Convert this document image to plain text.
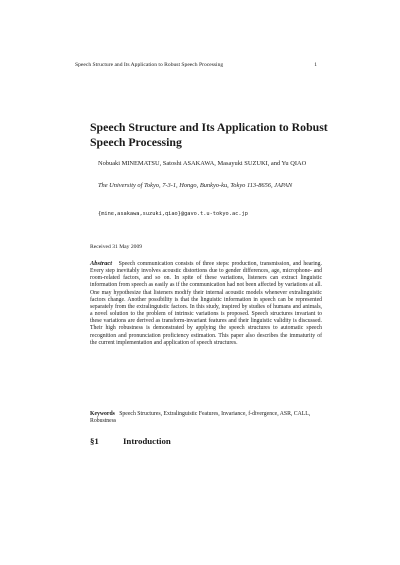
Speech Structure and Its Application to Robust Speech Processing	1
Speech Structure and Its Application to Robust Speech Processing

Nobuaki MINEMATSU, Satoshi ASAKAWA, Masayuki SUZUKI, and Yu QIAO

The University of Tokyo, 7-3-1, Hongo, Bunkyo-ku, Tokyo 113-8656, JAPAN

{mine,asakawa,suzuki,qiao}@gavo.t.u-tokyo.ac.jp

Received 31 May 2009

Abstract Speech communication consists of three steps: production, transmission, and hearing. Every step inevitably involves acoustic distortions due to gender differences, age, microphone- and room-related factors, and so on. In spite of these variations, listeners can extract linguistic information from speech as easily as if the communication had not been affected by variations at all. One may hypothesize that listeners modify their internal acoustic models whenever extralinguistic factors change. Another possibility is that the linguistic information in speech can be represented separately from the extralinguistic factors. In this study, inspired by studies of humans and animals, a novel solution to the problem of intrinsic variations is proposed. Speech structures invariant to these variations are derived as transform-invariant features and their linguistic validity is discussed. Their high robustness is demonstrated by applying the speech structures to automatic speech recognition and pronunciation proficiency estimation. This paper also describes the immaturity of the current implementation and application of speech structures.

Keywords Speech Structures, Extralinguistic Features, Invariance, f-divergence, ASR, CALL, Robustness

§1	Introduction
